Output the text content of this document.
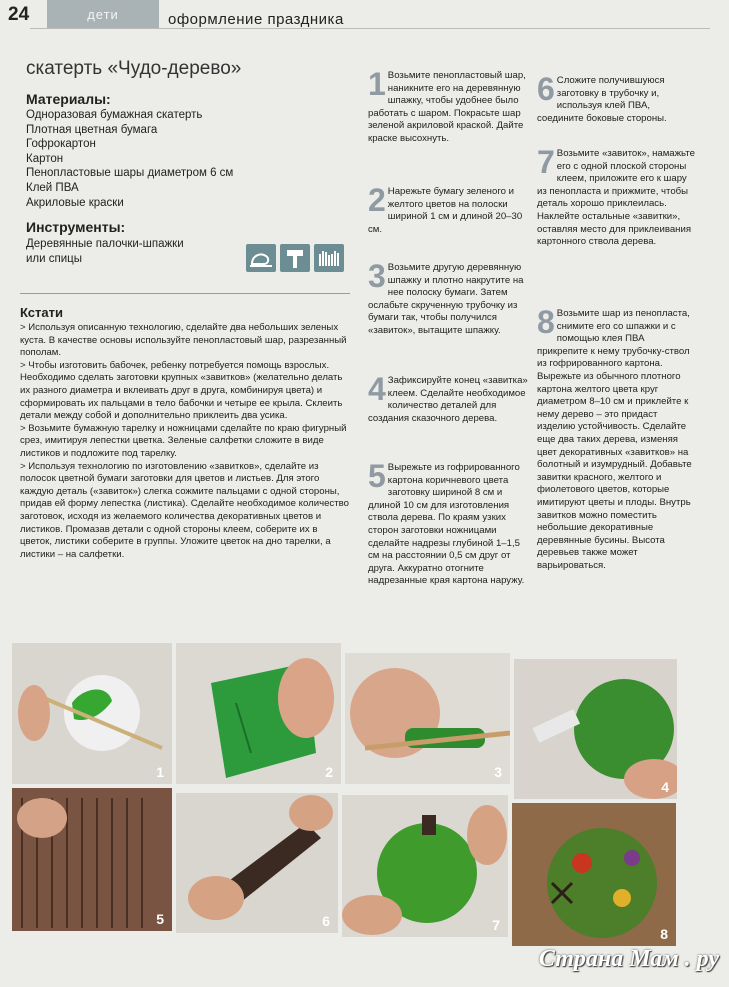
24	дети	оформление праздника
скатерть «Чудо-дерево»
Материалы:
Одноразовая бумажная скатерть
Плотная цветная бумага
Гофрокартон
Картон
Пенопластовые шары диаметром 6 см
Клей ПВА
Акриловые краски
Инструменты:
Деревянные палочки-шпажки
или спицы
Кстати

> Используя описанную технологию, сделайте два небольших зеленых куста. В качестве основы используйте пенопластовый шар, разрезанный пополам.

> Чтобы изготовить бабочек, ребенку потребуется помощь взрослых. Необходимо сделать заготовки крупных «завитков» (желательно делать их разного диаметра и вклеивать друг в друга, комбинируя цвета) и сформировать их пальцами в тело бабочки и четыре ее крыла. Склеить детали между собой и дополнительно приклеить два усика.

> Возьмите бумажную тарелку и ножницами сделайте по краю фигурный срез, имитируя лепестки цветка. Зеленые салфетки сложите в виде листиков и подложите под тарелку.

> Используя технологию по изготовлению «завитков», сделайте из полосок цветной бумаги заготовки для цветов и листьев. Для этого каждую деталь («завиток») слегка сожмите пальцами с одной стороны, придав ей форму лепестка (листика). Сделайте необходимое количество заготовок, исходя из желаемого количества декоративных цветов и листиков. Промазав детали с одной стороны клеем, соберите их в цветок, листики соберите в группы. Уложите цветок на дно тарелки, а листики – на салфетки.

1 Возьмите пенопластовый шар, наникните его на деревянную шпажку, чтобы удобнее было работать с шаром. Покрасьте шар зеленой акриловой краской. Дайте краске высохнуть.
2 Нарежьте бумагу зеленого и желтого цветов на полоски шириной 1 см и длиной 20–30 см.
3 Возьмите другую деревянную шпажку и плотно накрутите на нее полоску бумаги. Затем ослабьте скрученную трубочку из бумаги так, чтобы получился «завиток», вытащите шпажку.
4 Зафиксируйте конец «завитка» клеем. Сделайте необходимое количество деталей для создания сказочного дерева.
5 Вырежьте из гофрированного картона коричневого цвета заготовку шириной 8 см и длиной 10 см для изготовления ствола дерева. По краям узких сторон заготовки ножницами сделайте надрезы глубиной 1–1,5 см на расстоянии 0,5 см друг от друга. Аккуратно отогните надрезанные края картона наружу.
6 Сложите получившуюся заготовку в трубочку и, используя клей ПВА, соедините боковые стороны.
7 Возьмите «завиток», намажьте его с одной плоской стороны клеем, приложите его к шару из пенопласта и прижмите, чтобы деталь хорошо приклеилась. Наклейте остальные «завитки», оставляя место для приклеивания картонного ствола дерева.
8 Возьмите шар из пенопласта, снимите его со шпажки и с помощью клея ПВА прикрепите к нему трубочку-ствол из гофрированного картона. Вырежьте из обычного плотного картона желтого цвета круг диаметром 8–10 см и приклейте к нему дерево – это придаст изделию устойчивость. Сделайте еще два таких дерева, изменяя цвет декоративных «завитков» на болотный и изумрудный. Добавьте завитки красного, желтого и фиолетового цветов, которые имитируют цветы и плоды. Внутрь завитков можно поместить небольшие декоративные деревянные бусины. Высота деревьев также может варьироваться.
1	2	3
4
5	6	7
8
Страна Мам . ру
